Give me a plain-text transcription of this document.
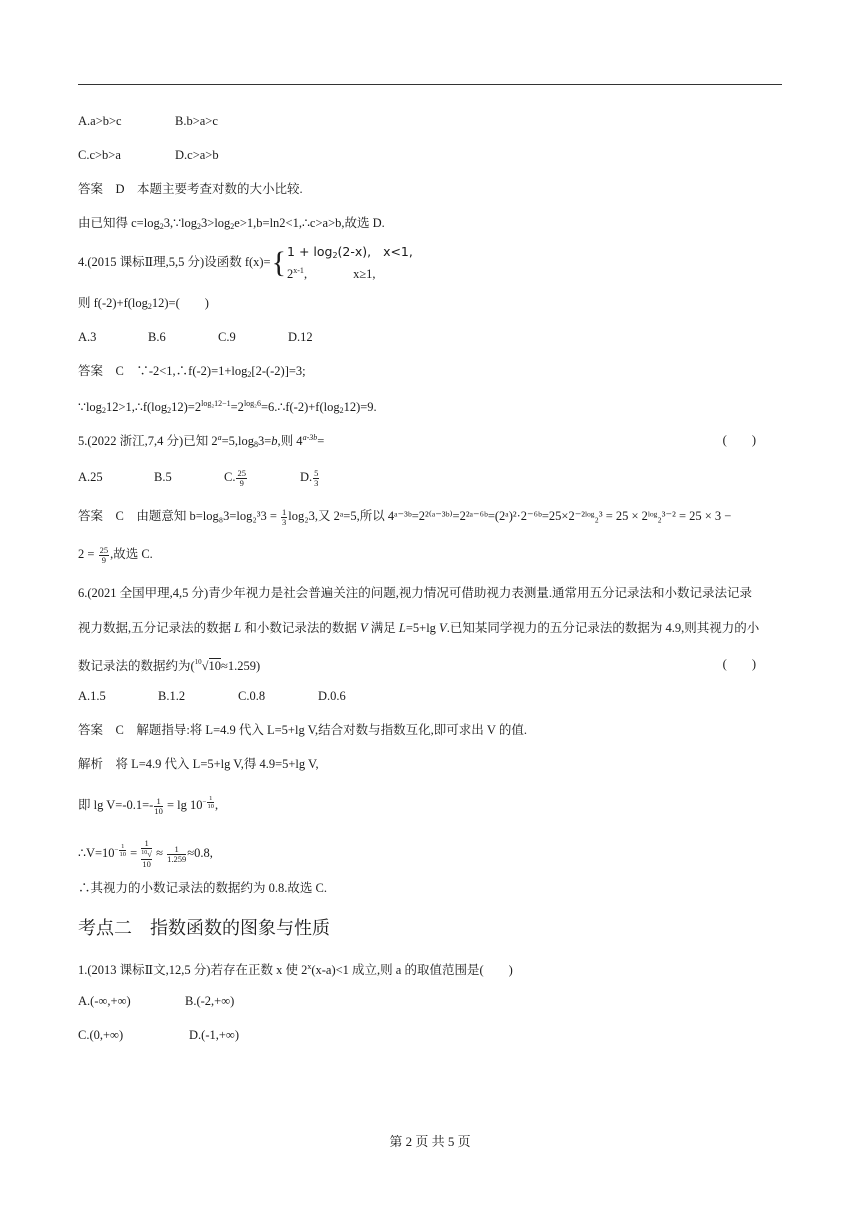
A.a>b>c	B.b>a>c
C.c>b>a	D.c>a>b
答案　D　本题主要考查对数的大小比较.
由已知得 $c=\log_23,\because\log_23>\log_2e>1,b=\ln 2<1,\therefore c>a>b$,故选 D.
4.(2015 课标Ⅱ理,5,5 分)设函数 $f(x)=\{1 + \log_2(2-x)$, x<1,
2$^{x-1}$,	x≥1,
则 $f(-2)+f(\log_212)=$(　　)
A.3	B.6	C.9	D.12
答案　C　$\because-2<1,\therefore f(-2)=1+\log_2[2-(-2)]=3$;
$\because\log_212>1,\therefore f(\log_212)=2^{log_212-1}=2^{log_26}=6.\therefore f(-2)+f(\log_212)=9$.
5.(2022 浙江,7,4 分)已知 $2^a=5,\log_83=b$,则 $4^{a-3b}=$	(　　)
A.25	B.5	C. $\frac{25}{9}$	D. $\frac{5}{3}$
答案　C　由题意知 $b=\log_83=\log_2^33 = \frac{1}{3} \log_23$,又 2ᵃ=5,所以 4ᵃ⁻³ᵇ=2²⁽ᵃ⁻³ᵇ⁾=2²ᵃ⁻⁶ᵇ=(2ᵃ)²·2⁻⁶ᵇ=25×2⁻²ˡᵒᵍ₂³ = 25 × 2ˡᵒᵍ₂³⁻² = 25 × 3 −
$2 = \frac{25}{9}$ ,故选 C.
6.(2021 全国甲理,4,5 分)青少年视力是社会普遍关注的问题,视力情况可借助视力表测量.通常用五分记录法和小数记录法记录
视力数据,五分记录法的数据 L 和小数记录法的数据 V 满足 L=5+lg V.已知某同学视力的五分记录法的数据为 4.9,则其视力的小
数记录法的数据约为($^{10}$√10≈1.259)	(　　)
A.1.5	B.1.2	C.0.8	D.0.6
答案　C　解题指导:将 L=4.9 代入 L=5+lg V,结合对数与指数互化,即可求出 V 的值.
解析　将 L=4.9 代入 L=5+lg V,得 4.9=5+lg V,
即 $\lg V=-0.1=- \frac{1}{10} = \lg 10^{- \frac{1}{10}}$ ,
$\therefore V=10^{- \frac{1}{10}} = 1$
$^{10}$√
$10 \approx \frac{1}{1.259} \approx 0.8$,
∴其视力的小数记录法的数据约为 0.8.故选 C.
考点二　指数函数的图象与性质
1.(2013 课标Ⅱ文,12,5 分)若存在正数 x 使 $2^x(x-a)<1$ 成立,则 a 的取值范围是(　　)
A.(-∞,+∞)	B.(-2,+∞)
C.(0,+∞)	D.(-1,+∞)
第 2 页 共 5 页
